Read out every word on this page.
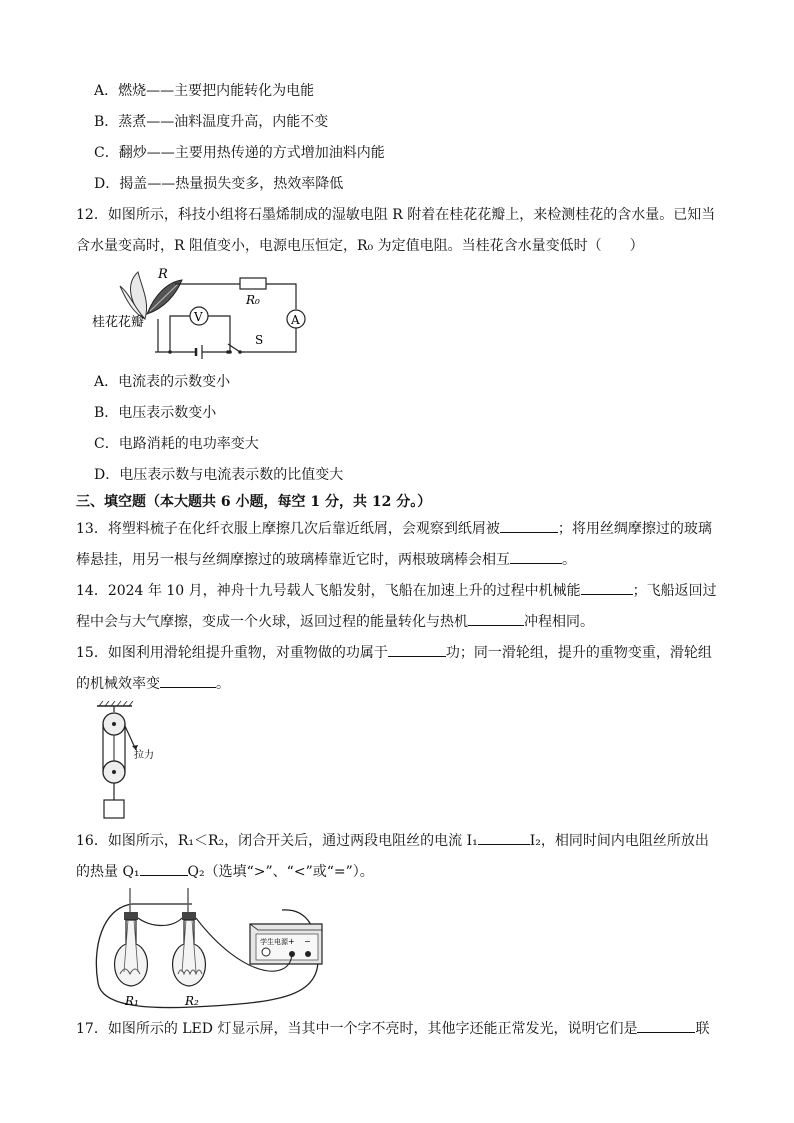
A．燃烧——主要把内能转化为电能
B．蒸煮——油料温度升高，内能不变
C．翻炒——主要用热传递的方式增加油料内能
D．揭盖——热量损失变多，热效率降低
12．如图所示，科技小组将石墨烯制成的湿敏电阻 R 附着在桂花花瓣上，来检测桂花的含水量。已知当
含水量变高时，R 阻值变小，电源电压恒定，R₀ 为定值电阻。当桂花含水量变低时（　　）
R
R₀
A
S
V
桂花花瓣
A．电流表的示数变小
B．电压表示数变小
C．电路消耗的电功率变大
D．电压表示数与电流表示数的比值变大
三、填空题（本大题共 6 小题，每空 1 分，共 12 分。）
13．将塑料梳子在化纤衣服上摩擦几次后靠近纸屑，会观察到纸屑被	；将用丝绸摩擦过的玻璃
棒悬挂，用另一根与丝绸摩擦过的玻璃棒靠近它时，两根玻璃棒会相互	。
14．2024 年 10 月，神舟十九号载人飞船发射，飞船在加速上升的过程中机械能	；飞船返回过
程中会与大气摩擦，变成一个火球，返回过程的能量转化与热机	冲程相同。
15．如图利用滑轮组提升重物，对重物做的功属于	功；同一滑轮组，提升的重物变重，滑轮组
的机械效率变	。
拉力
16．如图所示，R₁＜R₂，闭合开关后，通过两段电阻丝的电流 I₁	I₂，相同时间内电阻丝所放出
的热量 Q₁	Q₂（选填“>”、“<”或“=”）。
R₁	R₂
学生电源 + −
17．如图所示的 LED 灯显示屏，当其中一个字不亮时，其他字还能正常发光，说明它们是	联
